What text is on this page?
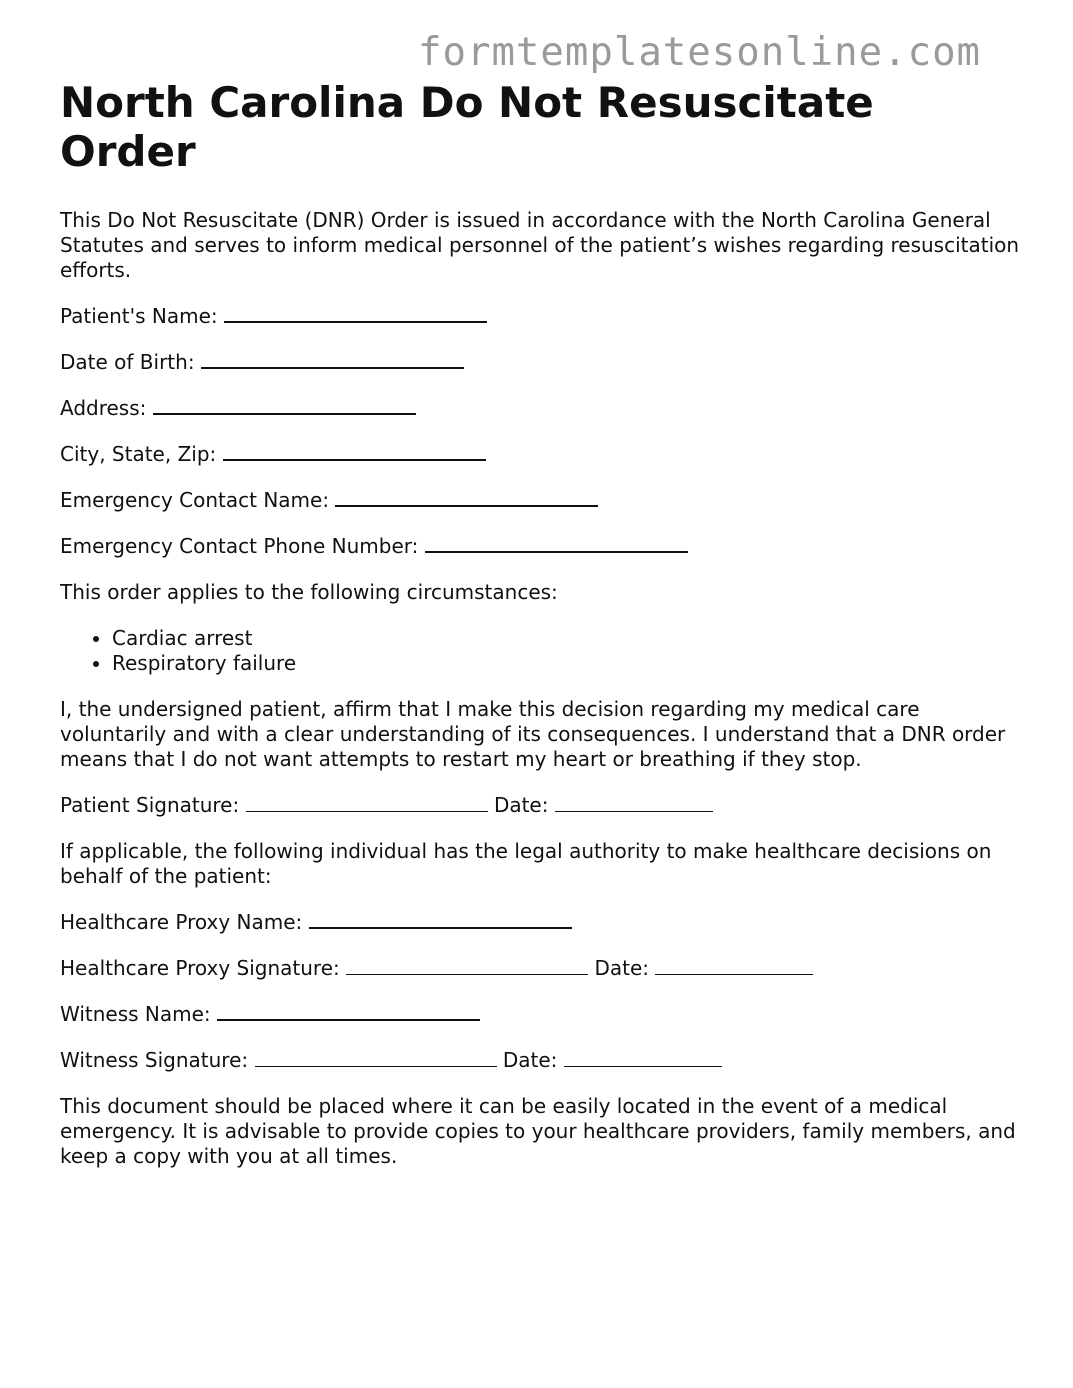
formtemplatesonline.com
North Carolina Do Not Resuscitate Order

This Do Not Resuscitate (DNR) Order is issued in accordance with the North Carolina General Statutes and serves to inform medical personnel of the patient’s wishes regarding resuscitation efforts.

Patient's Name:

Date of Birth:

Address:

City, State, Zip:

Emergency Contact Name:

Emergency Contact Phone Number:

This order applies to the following circumstances:

• Cardiac arrest
• Respiratory failure

I, the undersigned patient, affirm that I make this decision regarding my medical care voluntarily and with a clear understanding of its consequences. I understand that a DNR order means that I do not want attempts to restart my heart or breathing if they stop.

Patient Signature:	Date:

If applicable, the following individual has the legal authority to make healthcare decisions on behalf of the patient:

Healthcare Proxy Name:

Healthcare Proxy Signature:	Date:

Witness Name:

Witness Signature:	Date:

This document should be placed where it can be easily located in the event of a medical emergency. It is advisable to provide copies to your healthcare providers, family members, and keep a copy with you at all times.
